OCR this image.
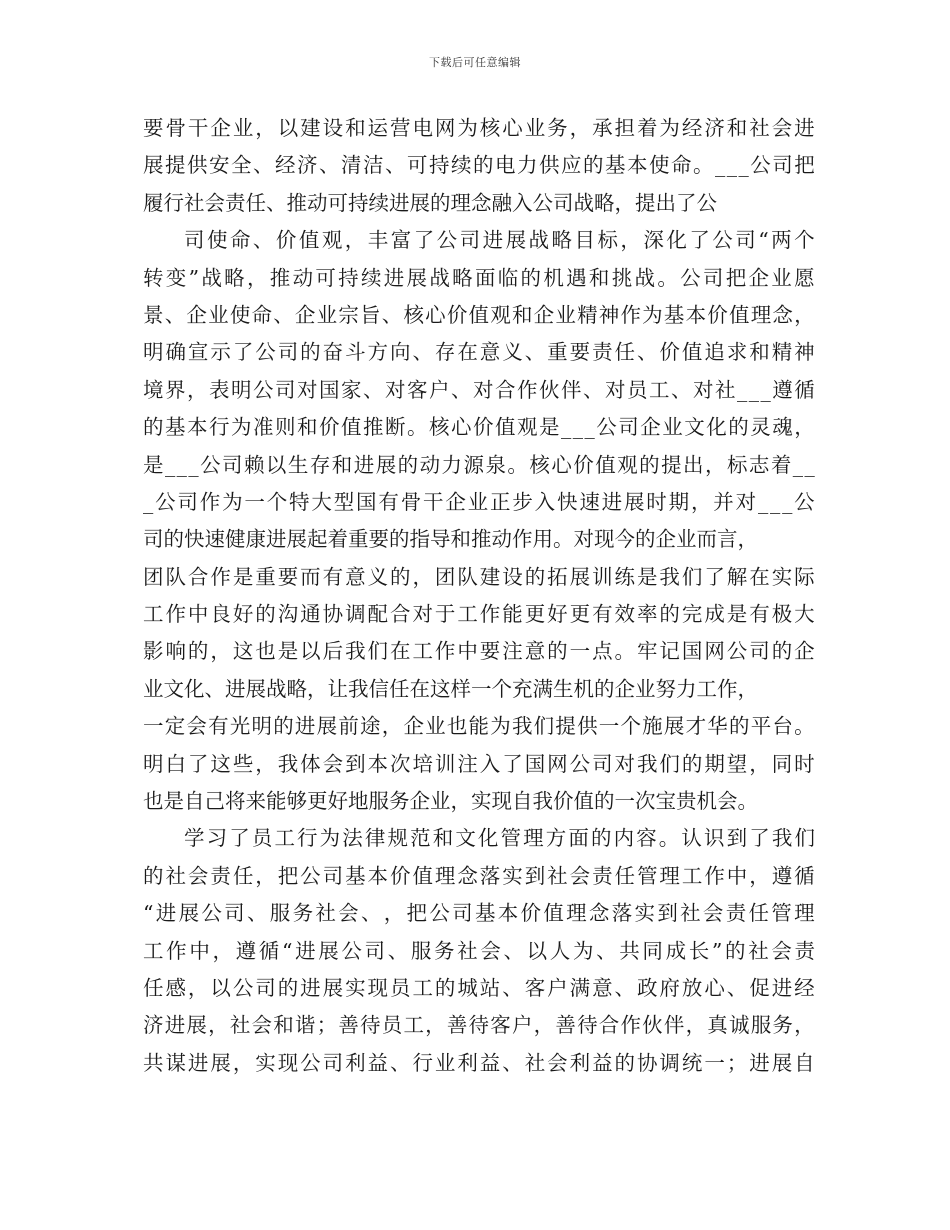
下载后可任意编辑
要 骨 干 企 业 ， 以 建 设 和 运 营 电 网 为 核 心 业 务 ， 承 担 着 为 经 济 和 社 会 进
展 提 供 安 全 、 经 济 、 清 洁 、 可 持 续 的 电 力 供 应 的 基 本 使 命 。 _ _ _ 公 司 把
履 行 社 会 责 任 、 推 动 可 持 续 进 展 的 理 念 融 入 公 司 战 略 ， 提 出 了 公
司 使 命 、 价 值 观 ， 丰 富 了 公 司 进 展 战 略 目 标 ， 深 化 了 公 司 “ 两 个
转 变 ” 战 略 ， 推 动 可 持 续 进 展 战 略 面 临 的 机 遇 和 挑 战 。 公 司 把 企 业 愿
景 、 企 业 使 命 、 企 业 宗 旨 、 核 心 价 值 观 和 企 业 精 神 作 为 基 本 价 值 理 念 ，
明 确 宣 示 了 公 司 的 奋 斗 方 向 、 存 在 意 义 、 重 要 责 任 、 价 值 追 求 和 精 神
境 界 ， 表 明 公 司 对 国 家 、 对 客 户 、 对 合 作 伙 伴 、 对 员 工 、 对 社 _ _ _ 遵 循
的 基 本 行 为 准 则 和 价 值 推 断 。 核 心 价 值 观 是 _ _ _ 公 司 企 业 文 化 的 灵 魂 ，
是 _ _ _ 公 司 赖 以 生 存 和 进 展 的 动 力 源 泉 。 核 心 价 值 观 的 提 出 ， 标 志 着 _ _
_ 公 司 作 为 一 个 特 大 型 国 有 骨 干 企 业 正 步 入 快 速 进 展 时 期 ， 并 对 _ _ _ 公
司 的 快 速 健 康 进 展 起 着 重 要 的 指 导 和 推 动 作 用 。 对 现 今 的 企 业 而 言 ，
团 队 合 作 是 重 要 而 有 意 义 的 ， 团 队 建 设 的 拓 展 训 练 是 我 们 了 解 在 实 际
工 作 中 良 好 的 沟 通 协 调 配 合 对 于 工 作 能 更 好 更 有 效 率 的 完 成 是 有 极 大
影 响 的 ， 这 也 是 以 后 我 们 在 工 作 中 要 注 意 的 一 点 。 牢 记 国 网 公 司 的 企
业 文 化 、 进 展 战 略 ， 让 我 信 任 在 这 样 一 个 充 满 生 机 的 企 业 努 力 工 作 ，
一 定 会 有 光 明 的 进 展 前 途 ， 企 业 也 能 为 我 们 提 供 一 个 施 展 才 华 的 平 台 。
明 白 了 这 些 ， 我 体 会 到 本 次 培 训 注 入 了 国 网 公 司 对 我 们 的 期 望 ， 同 时
也 是 自 己 将 来 能 够 更 好 地 服 务 企 业 ， 实 现 自 我 价 值 的 一 次 宝 贵 机 会 。
学 习 了 员 工 行 为 法 律 规 范 和 文 化 管 理 方 面 的 内 容 。 认 识 到 了 我 们
的 社 会 责 任 ， 把 公 司 基 本 价 值 理 念 落 实 到 社 会 责 任 管 理 工 作 中 ， 遵 循
“ 进 展 公 司 、 服 务 社 会 、 ， 把 公 司 基 本 价 值 理 念 落 实 到 社 会 责 任 管 理
工 作 中 ， 遵 循 “ 进 展 公 司 、 服 务 社 会 、 以 人 为 、 共 同 成 长 ” 的 社 会 责
任 感 ， 以 公 司 的 进 展 实 现 员 工 的 城 站 、 客 户 满 意 、 政 府 放 心 、 促 进 经
济 进 展 ， 社 会 和 谐 ； 善 待 员 工 ， 善 待 客 户 ， 善 待 合 作 伙 伴 ， 真 诚 服 务 ，
共 谋 进 展 ， 实 现 公 司 利 益 、 行 业 利 益 、 社 会 利 益 的 协 调 统 一 ； 进 展 自
